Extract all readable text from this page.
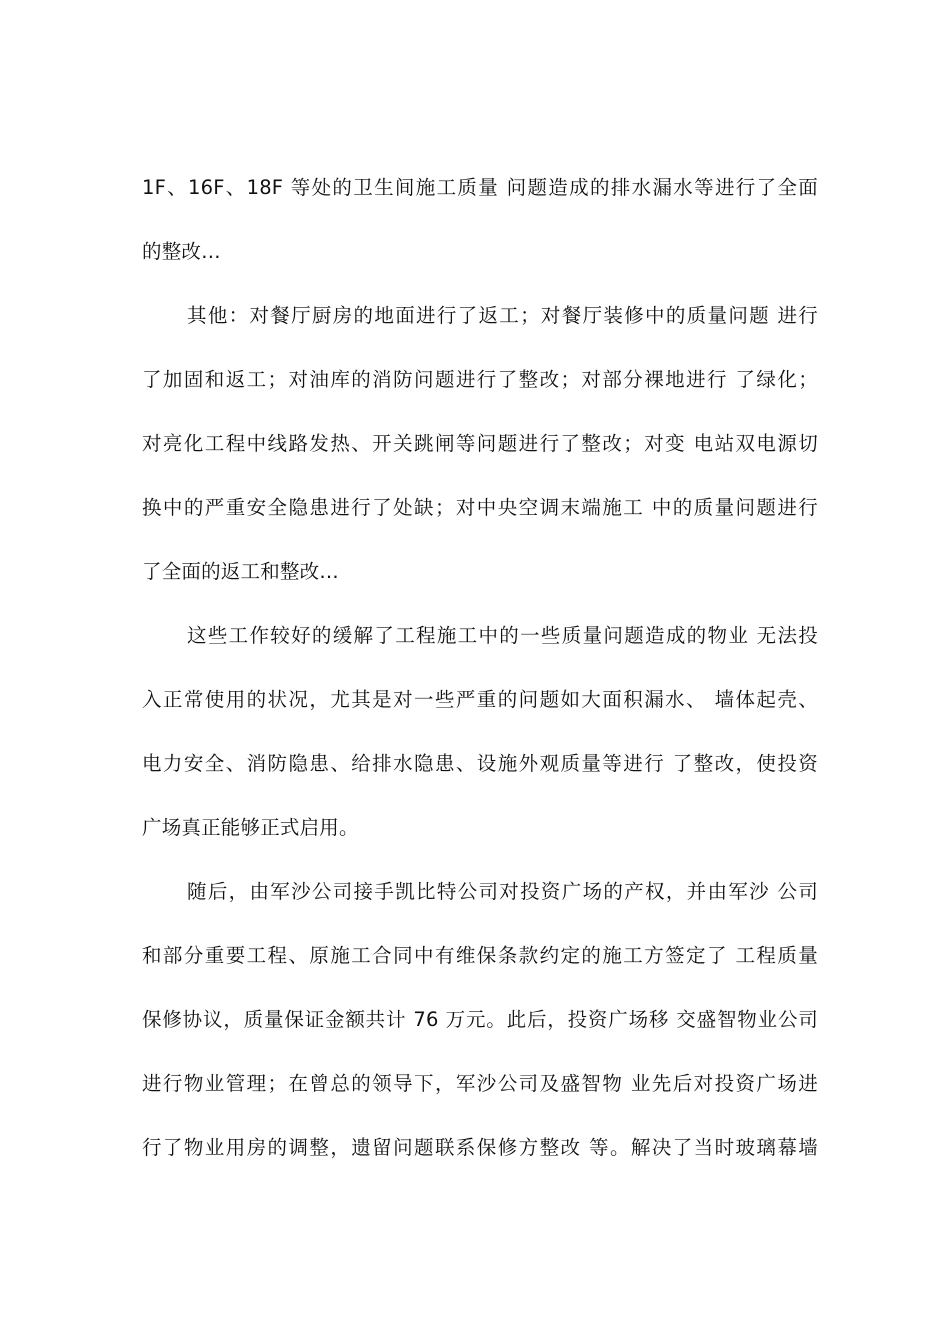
1F、16F、18F 等处的卫生间施工质量 问题造成的排水漏水等进行了全面
的整改…
其他：对餐厅厨房的地面进行了返工；对餐厅装修中的质量问题 进行
了加固和返工；对油库的消防问题进行了整改；对部分裸地进行 了绿化；
对亮化工程中线路发热、开关跳闸等问题进行了整改；对变 电站双电源切
换中的严重安全隐患进行了处缺；对中央空调末端施工 中的质量问题进行
了全面的返工和整改…
这些工作较好的缓解了工程施工中的一些质量问题造成的物业 无法投
入正常使用的状况，尤其是对一些严重的问题如大面积漏水、 墙体起壳、
电力安全、消防隐患、给排水隐患、设施外观质量等进行 了整改，使投资
广场真正能够正式启用。
随后，由军沙公司接手凯比特公司对投资广场的产权，并由军沙 公司
和部分重要工程、原施工合同中有维保条款约定的施工方签定了 工程质量
保修协议，质量保证金额共计 76 万元。此后，投资广场移 交盛智物业公司
进行物业管理；在曾总的领导下，军沙公司及盛智物 业先后对投资广场进
行了物业用房的调整，遗留问题联系保修方整改 等。解决了当时玻璃幕墙
